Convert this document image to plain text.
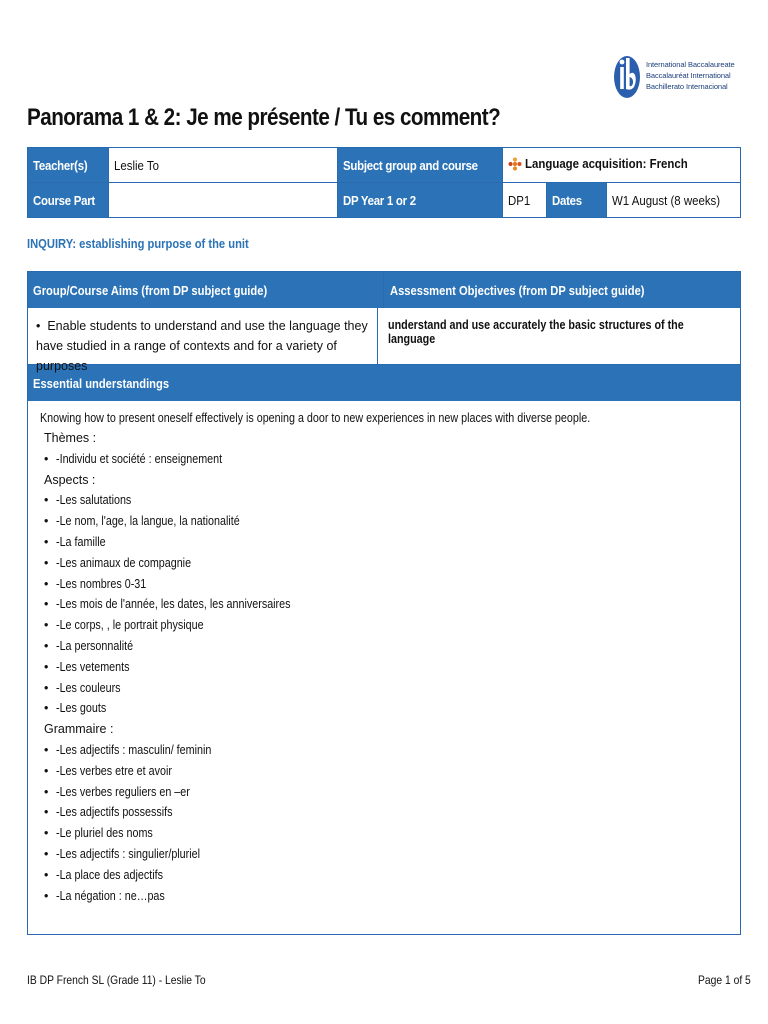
International Baccalaureate
Baccalauréat International
Bachillerato Internacional
Panorama 1 & 2: Je me présente / Tu es comment?
Teacher(s)	Leslie To	Subject group and course	Language acquisition: French		
Course Part		DP Year 1 or 2	DP1	Dates	W1 August (8 weeks)
INQUIRY: establishing purpose of the unit
Group/Course Aims (from DP subject guide)	Assessment Objectives (from DP subject guide)
•  Enable students to understand and use the language they have studied in a range of contexts and for a variety of purposes
understand and use accurately the basic structures of the language
Essential understandings
Knowing how to present oneself effectively is opening a door to new experiences in new places with diverse people.
Thèmes :
• -Individu et société : enseignement
Aspects :
• -Les salutations
• -Le nom, l'age, la langue, la nationalité
• -La famille
• -Les animaux de compagnie
• -Les nombres 0-31
• -Les mois de l'année, les dates, les anniversaires
• -Le corps, , le portrait physique
• -La personnalité
• -Les vetements
• -Les couleurs
• -Les gouts
Grammaire :
• -Les adjectifs : masculin/ feminin
• -Les verbes etre et avoir
• -Les verbes reguliers en –er
• -Les adjectifs possessifs
• -Le pluriel des noms
• -Les adjectifs : singulier/pluriel
• -La place des adjectifs
• -La négation : ne…pas
IB DP French SL (Grade 11) - Leslie To	Page 1 of 5
